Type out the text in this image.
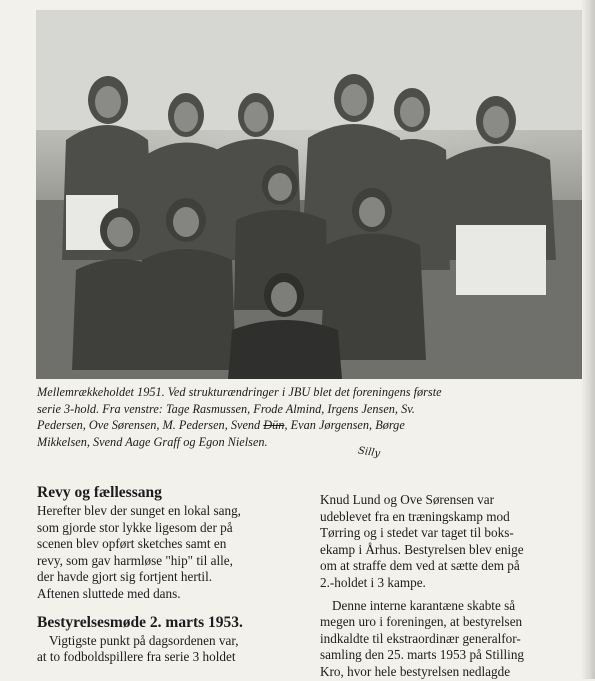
Mellemrækkeholdet 1951. Ved strukturændringer i JBU blet det foreningens første
serie 3-hold. Fra venstre: Tage Rasmussen, Frode Almind, Irgens Jensen, Sv.
Pedersen, Ove Sørensen, M. Pedersen, Svend Dün, Evan Jørgensen, Børge
Mikkelsen, Svend Aage Graff og Egon Nielsen.

Silly
Revy og fællessang
Herefter blev der sunget en lokal sang,
som gjorde stor lykke ligesom der på
scenen blev opført sketches samt en
revy, som gav harmløse "hip" til alle,
der havde gjort sig fortjent hertil.
Aftenen sluttede med dans.
Bestyrelsesmøde 2. marts 1953.
Vigtigste punkt på dagsordenen var,
at to fodboldspillere fra serie 3 holdet
Knud Lund og Ove Sørensen var
udeblevet fra en træningskamp mod
Tørring og i stedet var taget til boks-
ekamp i Århus. Bestyrelsen blev enige
om at straffe dem ved at sætte dem på
2.-holdet i 3 kampe.
Denne interne karantæne skabte så
megen uro i foreningen, at bestyrelsen
indkaldte til ekstraordinær generalfor-
samling den 25. marts 1953 på Stilling
Kro, hvor hele bestyrelsen nedlagde
